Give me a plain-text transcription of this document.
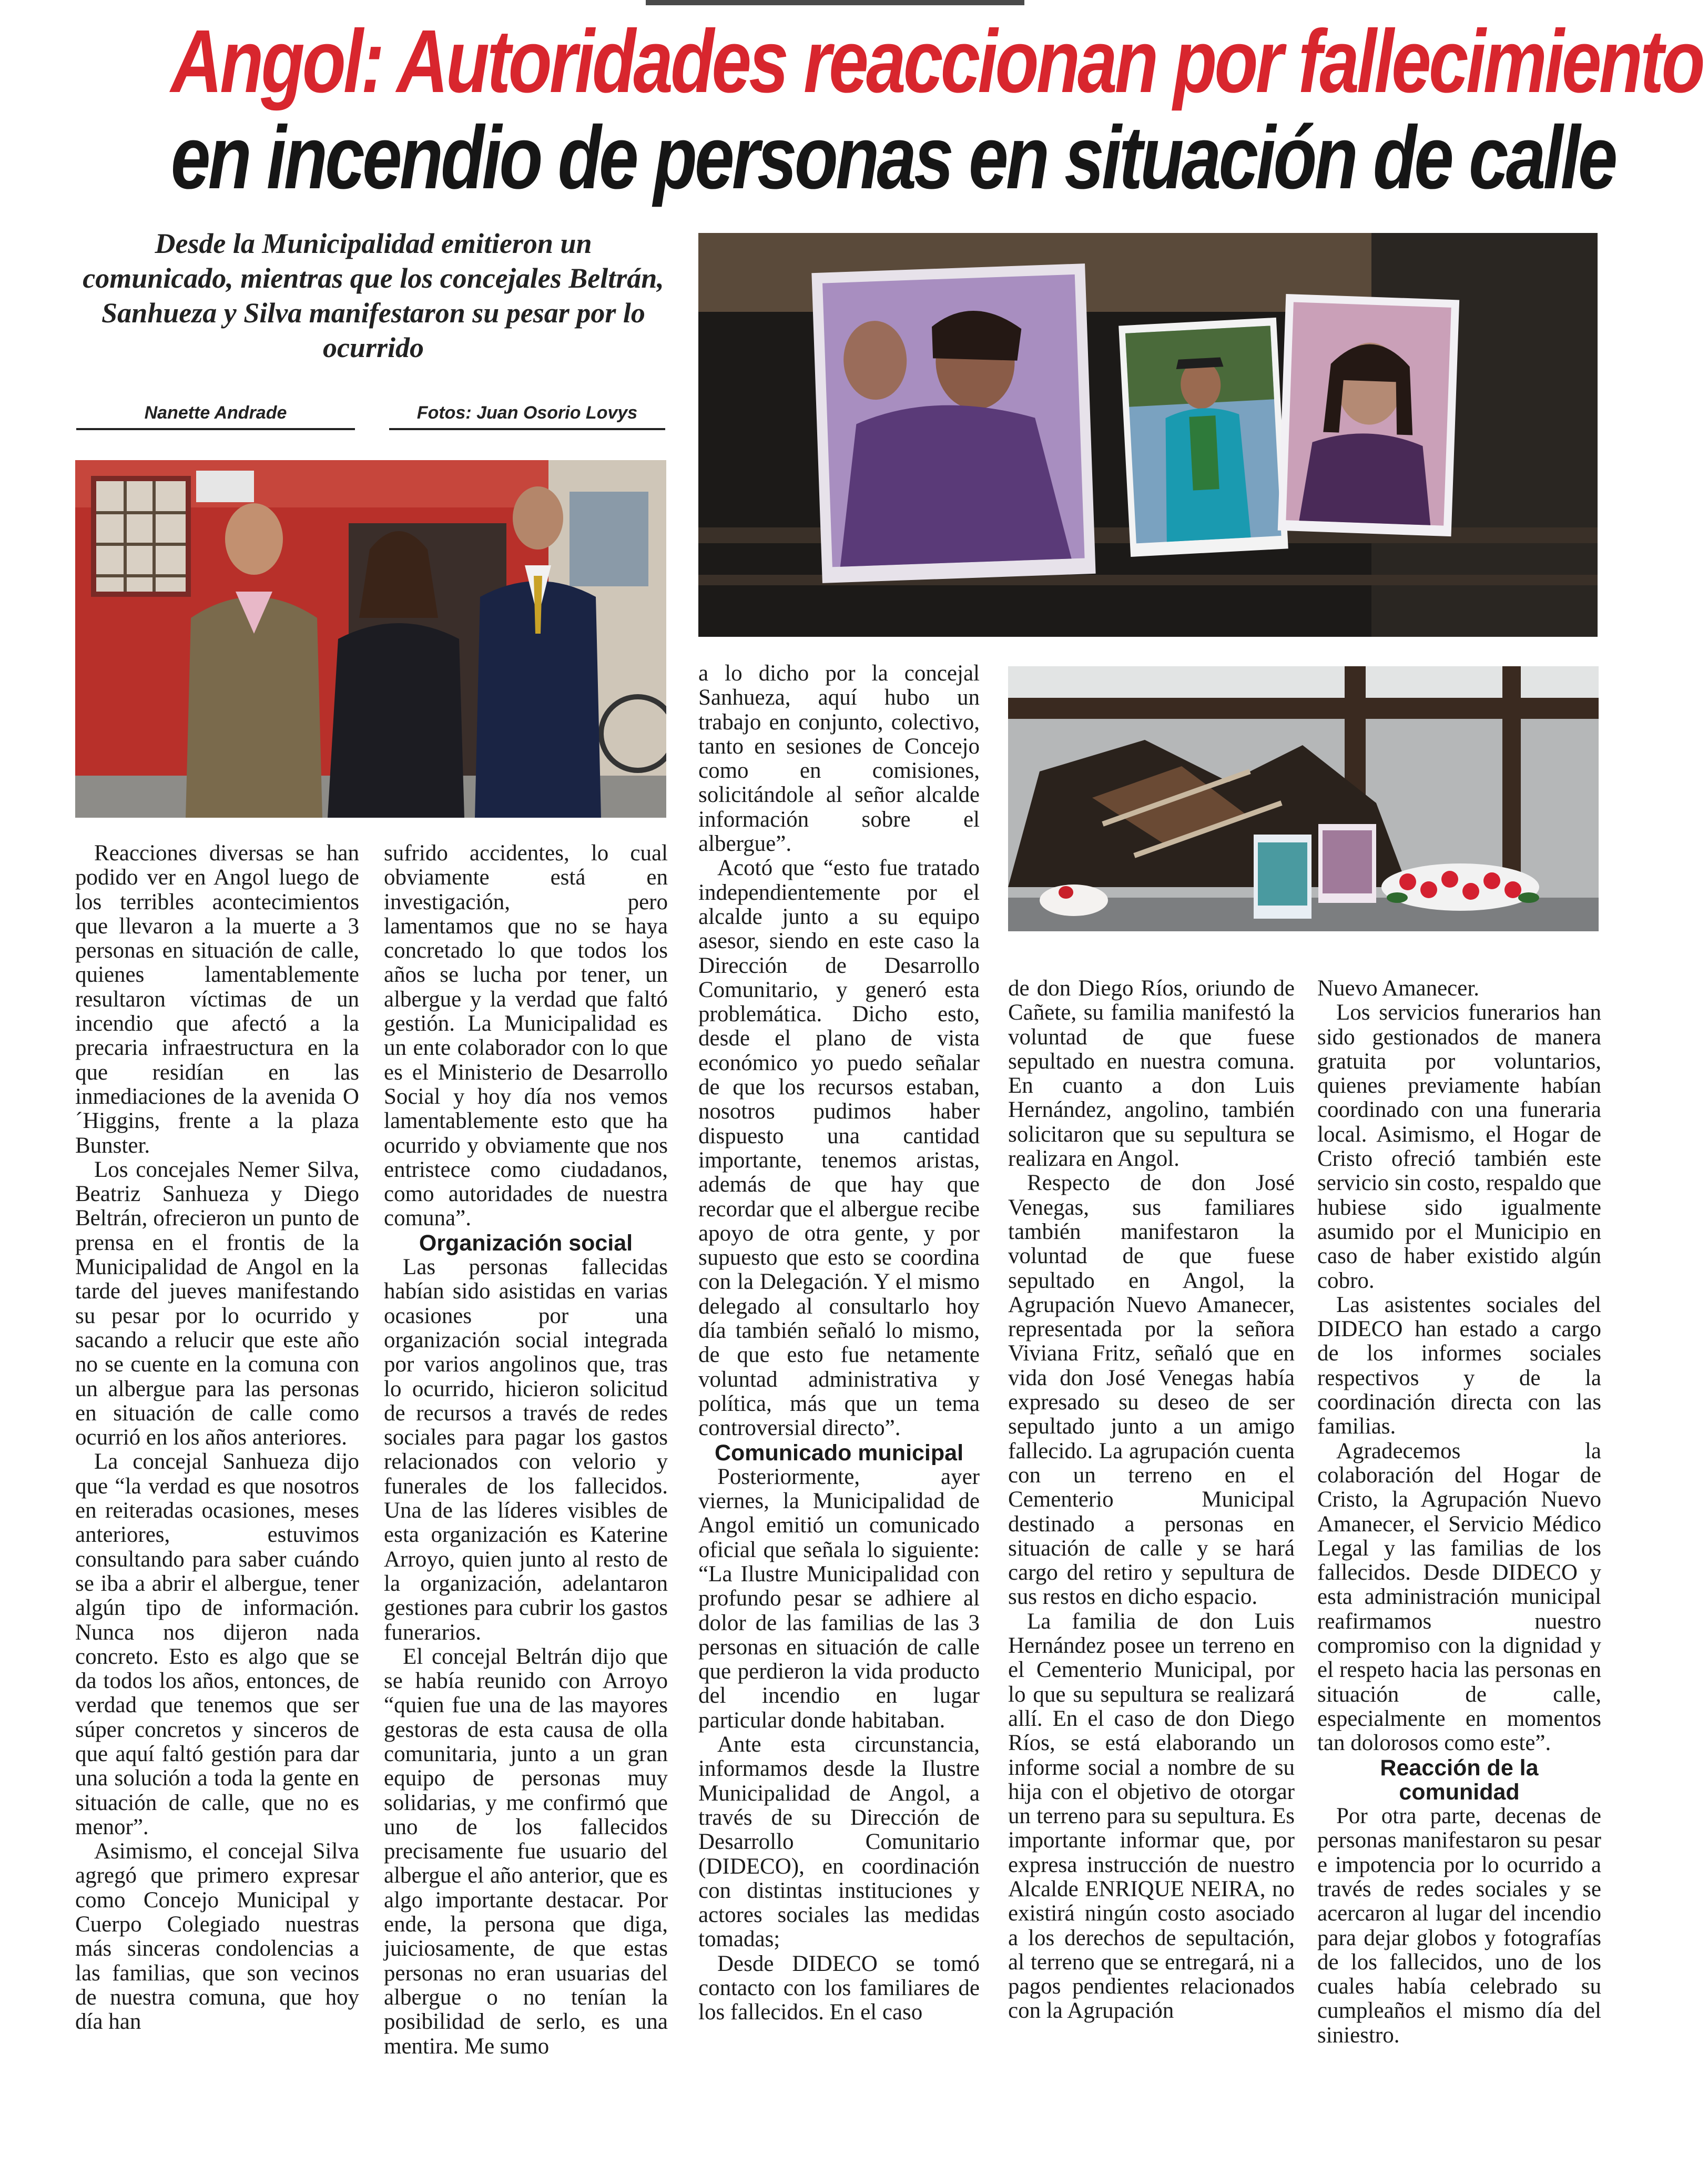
Angol: Autoridades reaccionan por fallecimiento
en incendio de personas en situación de calle

Desde la Municipalidad emitieron un comunicado, mientras que los concejales Beltrán, Sanhueza y Silva manifestaron su pesar por lo ocurrido

Nanette Andrade	Fotos: Juan Osorio Lovys

Reacciones diversas se han podido ver en Angol luego de los terribles acontecimientos que llevaron a la muerte a 3 personas en situación de calle, quienes lamentablemente resultaron víctimas de un incendio que afectó a la precaria infraestructura en la que residían en las inmediaciones de la avenida O´Higgins, frente a la plaza Bunster.

Los concejales Nemer Silva, Beatriz Sanhueza y Diego Beltrán, ofrecieron un punto de prensa en el frontis de la Municipalidad de Angol en la tarde del jueves manifestando su pesar por lo ocurrido y sacando a relucir que este año no se cuente en la comuna con un albergue para las personas en situación de calle como ocurrió en los años anteriores.

La concejal Sanhueza dijo que “la verdad es que nosotros en reiteradas ocasiones, meses anteriores, estuvimos consultando para saber cuándo se iba a abrir el albergue, tener algún tipo de información. Nunca nos dijeron nada concreto. Esto es algo que se da todos los años, entonces, de verdad que tenemos que ser súper concretos y sinceros de que aquí faltó gestión para dar una solución a toda la gente en situación de calle, que no es menor”.

Asimismo, el concejal Silva agregó que primero expresar como Concejo Municipal y Cuerpo Colegiado nuestras más sinceras condolencias a las familias, que son vecinos de nuestra comuna, que hoy día han

sufrido accidentes, lo cual obviamente está en investigación, pero lamentamos que no se haya concretado lo que todos los años se lucha por tener, un albergue y la verdad que faltó gestión. La Municipalidad es un ente colaborador con lo que es el Ministerio de Desarrollo Social y hoy día nos vemos lamentablemente esto que ha ocurrido y obviamente que nos entristece como ciudadanos, como autoridades de nuestra comuna”.

Organización social

Las personas fallecidas habían sido asistidas en varias ocasiones por una organización social integrada por varios angolinos que, tras lo ocurrido, hicieron solicitud de recursos a través de redes sociales para pagar los gastos relacionados con velorio y funerales de los fallecidos. Una de las líderes visibles de esta organización es Katerine Arroyo, quien junto al resto de la organización, adelantaron gestiones para cubrir los gastos funerarios.

El concejal Beltrán dijo que se había reunido con Arroyo “quien fue una de las mayores gestoras de esta causa de olla comunitaria, junto a un gran equipo de personas muy solidarias, y me confirmó que uno de los fallecidos precisamente fue usuario del albergue el año anterior, que es algo importante destacar. Por ende, la persona que diga, juiciosamente, de que estas personas no eran usuarias del albergue o no tenían la posibilidad de serlo, es una mentira. Me sumo

a lo dicho por la concejal Sanhueza, aquí hubo un trabajo en conjunto, colectivo, tanto en sesiones de Concejo como en comisiones, solicitándole al señor alcalde información sobre el albergue”.

Acotó que “esto fue tratado independientemente por el alcalde junto a su equipo asesor, siendo en este caso la Dirección de Desarrollo Comunitario, y generó esta problemática. Dicho esto, desde el plano de vista económico yo puedo señalar de que los recursos estaban, nosotros pudimos haber dispuesto una cantidad importante, tenemos aristas, además de que hay que recordar que el albergue recibe apoyo de otra gente, y por supuesto que esto se coordina con la Delegación. Y el mismo delegado al consultarlo hoy día también señaló lo mismo, de que esto fue netamente voluntad administrativa y política, más que un tema controversial directo”.

Comunicado municipal

Posteriormente, ayer viernes, la Municipalidad de Angol emitió un comunicado oficial que señala lo siguiente: “La Ilustre Municipalidad con profundo pesar se adhiere al dolor de las familias de las 3 personas en situación de calle que perdieron la vida producto del incendio en lugar particular donde habitaban.

Ante esta circunstancia, informamos desde la Ilustre Municipalidad de Angol, a través de su Dirección de Desarrollo Comunitario (DIDECO), en coordinación con distintas instituciones y actores sociales las medidas tomadas;

Desde DIDECO se tomó contacto con los familiares de los fallecidos. En el caso

de don Diego Ríos, oriundo de Cañete, su familia manifestó la voluntad de que fuese sepultado en nuestra comuna. En cuanto a don Luis Hernández, angolino, también solicitaron que su sepultura se realizara en Angol.

Respecto de don José Venegas, sus familiares también manifestaron la voluntad de que fuese sepultado en Angol, la Agrupación Nuevo Amanecer, representada por la señora Viviana Fritz, señaló que en vida don José Venegas había expresado su deseo de ser sepultado junto a un amigo fallecido. La agrupación cuenta con un terreno en el Cementerio Municipal destinado a personas en situación de calle y se hará cargo del retiro y sepultura de sus restos en dicho espacio.

La familia de don Luis Hernández posee un terreno en el Cementerio Municipal, por lo que su sepultura se realizará allí. En el caso de don Diego Ríos, se está elaborando un informe social a nombre de su hija con el objetivo de otorgar un terreno para su sepultura. Es importante informar que, por expresa instrucción de nuestro Alcalde ENRIQUE NEIRA, no existirá ningún costo asociado a los derechos de sepultación, al terreno que se entregará, ni a pagos pendientes relacionados con la Agrupación

Nuevo Amanecer.

Los servicios funerarios han sido gestionados de manera gratuita por voluntarios, quienes previamente habían coordinado con una funeraria local. Asimismo, el Hogar de Cristo ofreció también este servicio sin costo, respaldo que hubiese sido igualmente asumido por el Municipio en caso de haber existido algún cobro.

Las asistentes sociales del DIDECO han estado a cargo de los informes sociales respectivos y de la coordinación directa con las familias.

Agradecemos la colaboración del Hogar de Cristo, la Agrupación Nuevo Amanecer, el Servicio Médico Legal y las familias de los fallecidos. Desde DIDECO y esta administración municipal reafirmamos nuestro compromiso con la dignidad y el respeto hacia las personas en situación de calle, especialmente en momentos tan dolorosos como este”.

Reacción de la comunidad

Por otra parte, decenas de personas manifestaron su pesar e impotencia por lo ocurrido a través de redes sociales y se acercaron al lugar del incendio para dejar globos y fotografías de los fallecidos, uno de los cuales había celebrado su cumpleaños el mismo día del siniestro.
